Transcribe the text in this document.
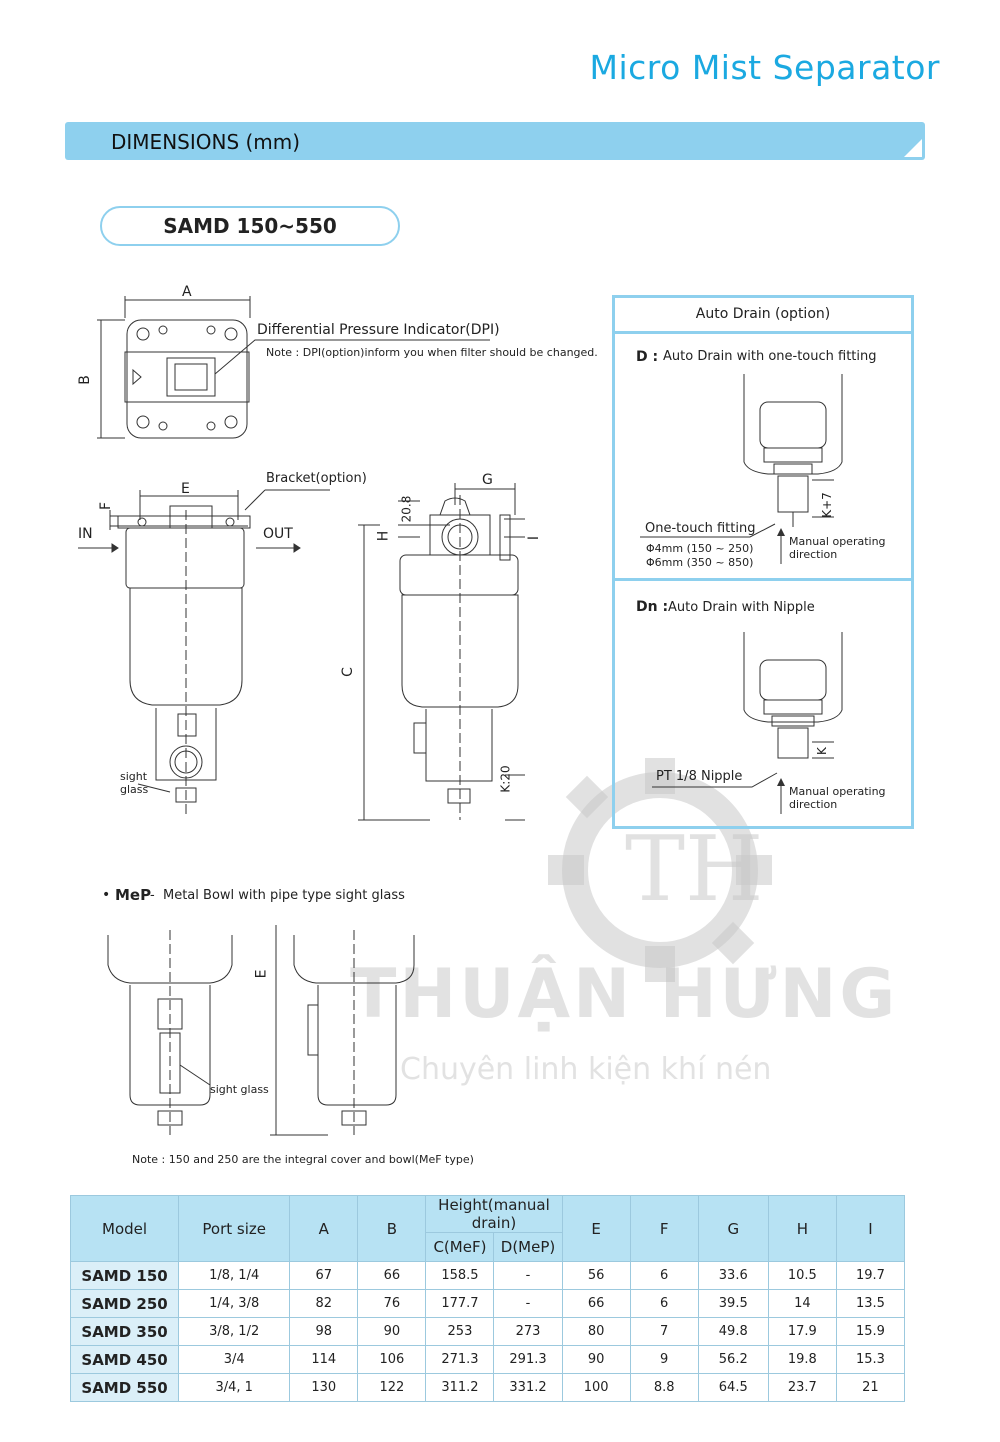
Micro Mist Separator
DIMENSIONS (mm)
SAMD 150~550
TH
THUẬN HƯNG
Chuyên linh kiện khí nén
A
B
Differential Pressure Indicator(DPI)
Note : DPI(option)inform you when filter should be changed.
E
F
Bracket(option)
IN	OUT
sight
glass
G
H	I
C
20.8
K:20
Auto Drain (option)
D : Auto Drain with one-touch fitting
K+7
One-touch fitting
Φ4mm (150 ~ 250)
Φ6mm (350 ~ 850)
Manual operating
direction
Dn : Auto Drain with Nipple
K
PT 1/8 Nipple
Manual operating
direction
• MeP
- Metal Bowl with pipe type sight glass
sight glass
E
Note : 150 and 250 are the integral cover and bowl(MeF type)
Model	Port size	A	B	Height(manual drain)		E	F	G	H	I
				C(MeF)	D(MeP)					
SAMD 150	1/8, 1/4	67	66	158.5	-	56	6	33.6	10.5	19.7
SAMD 250	1/4, 3/8	82	76	177.7	-	66	6	39.5	14	13.5
SAMD 350	3/8, 1/2	98	90	253	273	80	7	49.8	17.9	15.9
SAMD 450	3/4	114	106	271.3	291.3	90	9	56.2	19.8	15.3
SAMD 550	3/4, 1	130	122	311.2	331.2	100	8.8	64.5	23.7	21
